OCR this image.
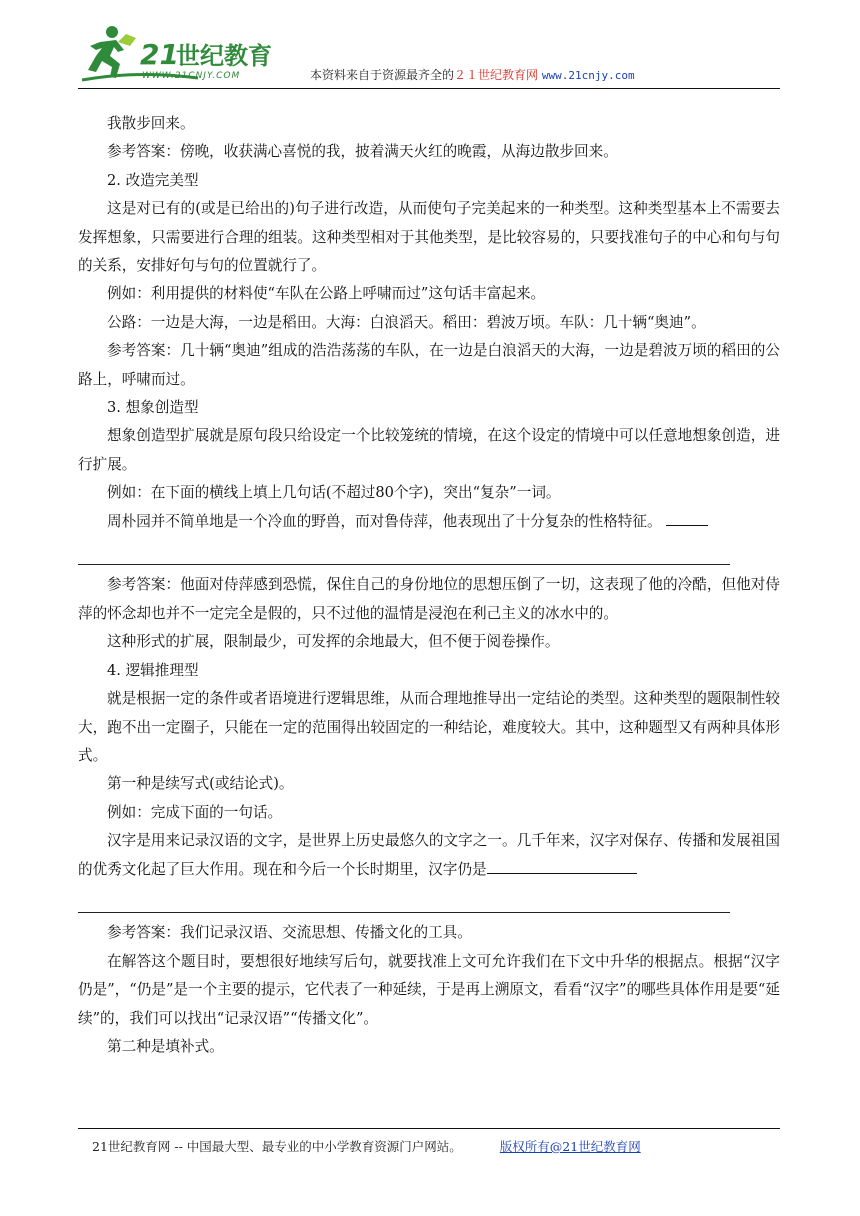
21
世纪教育
WWW.21CNJY.COM	本资料来自于资源最齐全的２１世纪教育网 www.21cnjy.com

我散步回来。

参考答案：傍晚，收获满心喜悦的我，披着满天火红的晚霞，从海边散步回来。

2. 改造完美型

这是对已有的(或是已给出的)句子进行改造，从而使句子完美起来的一种类型。这种类型基本上不需要去发挥想象，只需要进行合理的组装。这种类型相对于其他类型，是比较容易的，只要找准句子的中心和句与句的关系，安排好句与句的位置就行了。

例如：利用提供的材料使“车队在公路上呼啸而过”这句话丰富起来。

公路：一边是大海，一边是稻田。大海：白浪滔天。稻田：碧波万顷。车队：几十辆“奥迪”。

参考答案：几十辆“奥迪”组成的浩浩荡荡的车队，在一边是白浪滔天的大海，一边是碧波万顷的稻田的公路上，呼啸而过。

3. 想象创造型

想象创造型扩展就是原句段只给设定一个比较笼统的情境，在这个设定的情境中可以任意地想象创造，进行扩展。

例如：在下面的横线上填上几句话(不超过80个字)，突出“复杂”一词。

周朴园并不简单地是一个冷血的野兽，而对鲁侍萍，他表现出了十分复杂的性格特征。

参考答案：他面对侍萍感到恐慌，保住自己的身份地位的思想压倒了一切，这表现了他的冷酷，但他对侍萍的怀念却也并不一定完全是假的，只不过他的温情是浸泡在利己主义的冰水中的。

这种形式的扩展，限制最少，可发挥的余地最大，但不便于阅卷操作。

4. 逻辑推理型

就是根据一定的条件或者语境进行逻辑思维，从而合理地推导出一定结论的类型。这种类型的题限制性较大，跑不出一定圈子，只能在一定的范围得出较固定的一种结论，难度较大。其中，这种题型又有两种具体形式。

第一种是续写式(或结论式)。

例如：完成下面的一句话。

汉字是用来记录汉语的文字，是世界上历史最悠久的文字之一。几千年来，汉字对保存、传播和发展祖国的优秀文化起了巨大作用。现在和今后一个长时期里，汉字仍是

参考答案：我们记录汉语、交流思想、传播文化的工具。

在解答这个题目时，要想很好地续写后句，就要找准上文可允许我们在下文中升华的根据点。根据“汉字仍是”，“仍是”是一个主要的提示，它代表了一种延续，于是再上溯原文，看看“汉字”的哪些具体作用是要“延续”的，我们可以找出“记录汉语”“传播文化”。

第二种是填补式。

21世纪教育网 -- 中国最大型、最专业的中小学教育资源门户网站。	版权所有@21世纪教育网
